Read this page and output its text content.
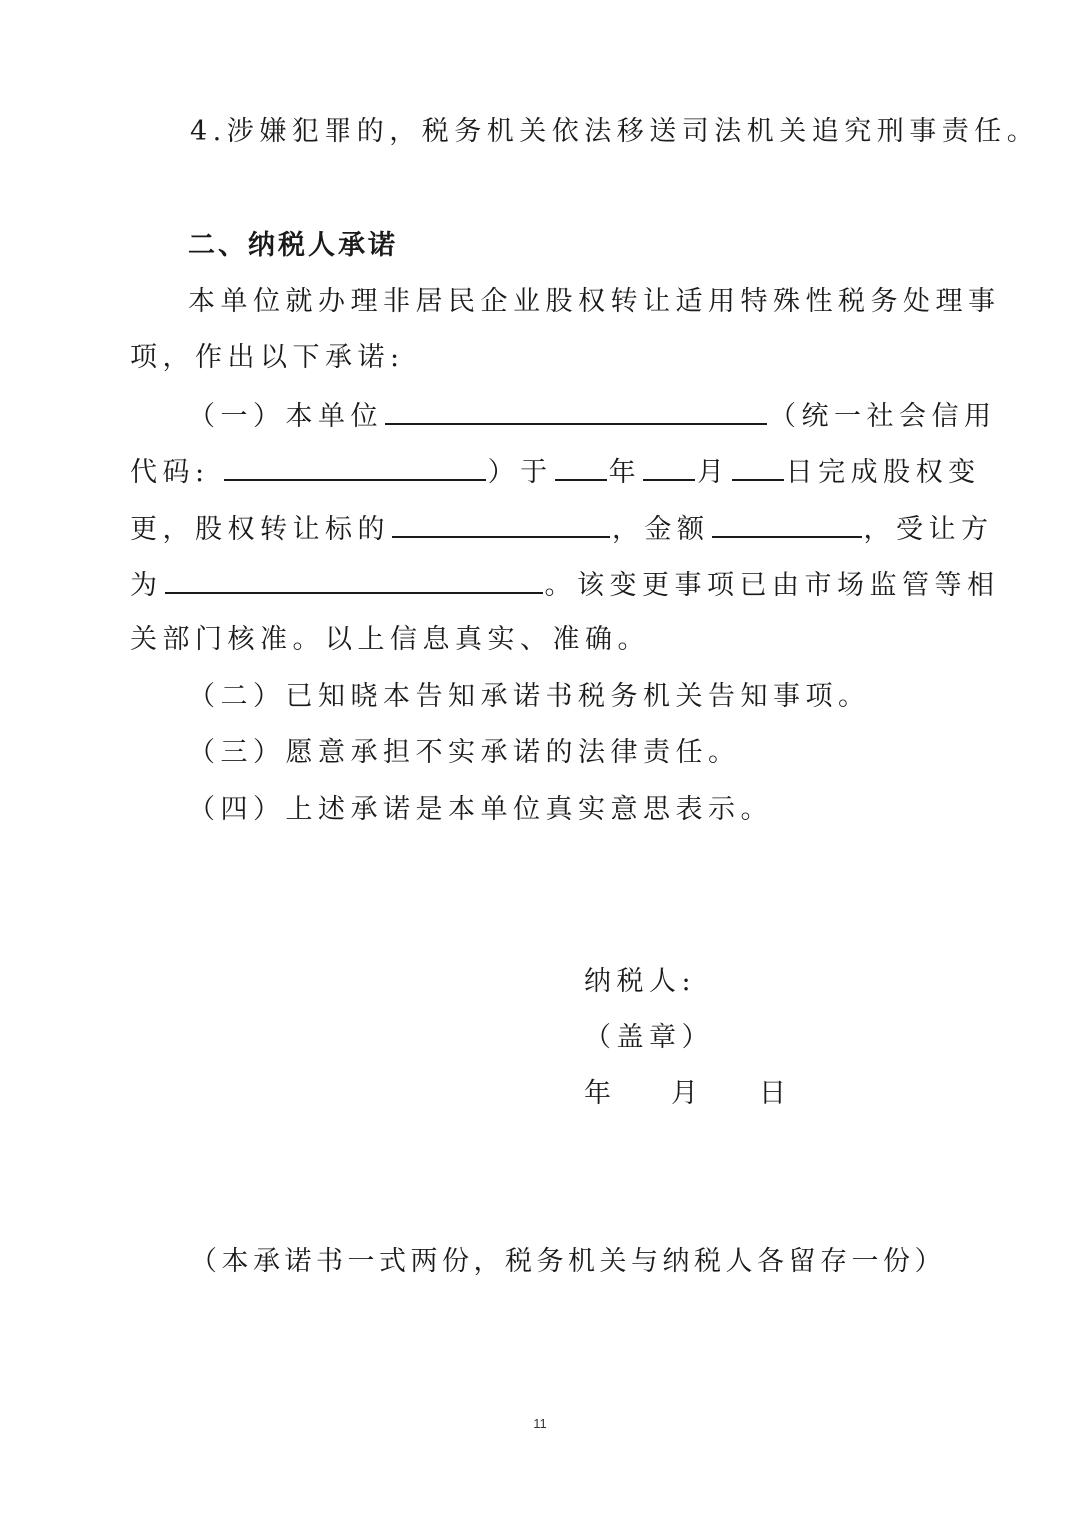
4.涉嫌犯罪的，税务机关依法移送司法机关追究刑事责任。
二、纳税人承诺
本单位就办理非居民企业股权转让适用特殊性税务处理事
项，作出以下承诺:
（一）本单位	（统一社会信用
代码:	）于 年 月 日完成股权变
更，股权转让标的	，金额	，受让方
为	。该变更事项已由市场监管等相
关部门核准。以上信息真实、准确。
（二）已知晓本告知承诺书税务机关告知事项。
（三）愿意承担不实承诺的法律责任。
（四）上述承诺是本单位真实意思表示。
纳税人:
（盖章）
年 月 日
（本承诺书一式两份，税务机关与纳税人各留存一份）
11
